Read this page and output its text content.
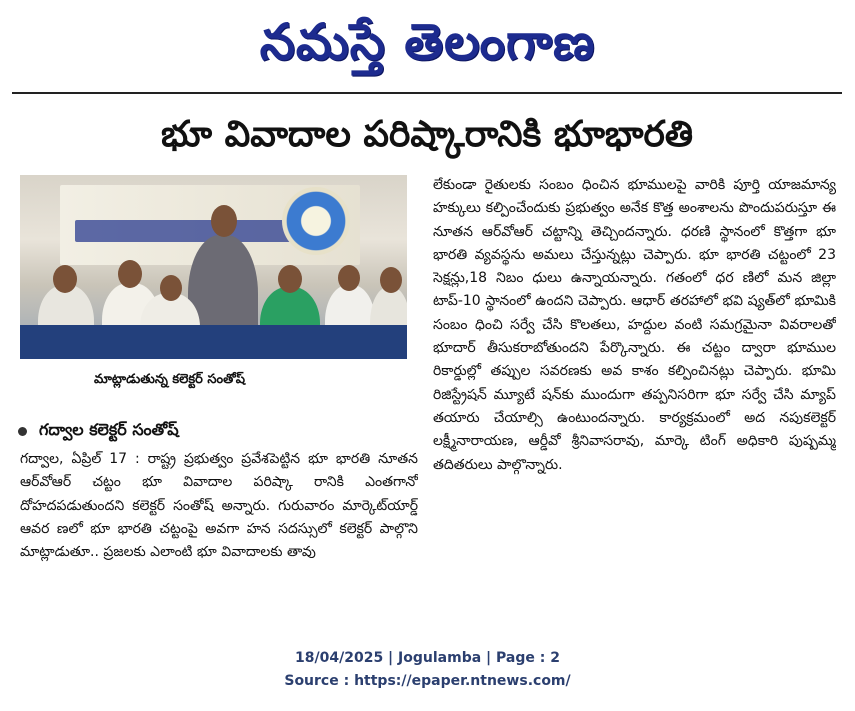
నమస్తే తెలంగాణ
భూ వివాదాల పరిష్కారానికి భూభారతి
మాట్లాడుతున్న కలెక్టర్ సంతోష్
గద్వాల కలెక్టర్ సంతోష్
గద్వాల, ఏప్రిల్ 17 : రాష్ట్ర ప్రభుత్వం ప్రవేశపెట్టిన భూ భారతి నూతన ఆర్‌వోఆర్ చట్టం భూ వివాదాల పరిష్కా రానికి ఎంతగానో దోహదపడుతుందని కలెక్టర్ సంతోష్ అన్నారు. గురువారం మార్కెట్‌యార్డ్ ఆవర ణలో భూ భారతి చట్టంపై అవగా హన సదస్సులో కలెక్టర్ పాల్గొని మాట్లాడుతూ.. ప్రజలకు ఎలాంటి భూ వివాదాలకు తావు
లేకుండా రైతులకు సంబం ధించిన భూములపై వారికి పూర్తి యాజమాన్య హక్కులు కల్పించేందుకు ప్రభుత్వం అనేక కొత్త అంశాలను పొందుపరుస్తూ ఈ నూతన ఆర్‌వోఆర్ చట్టాన్ని తెచ్చిందన్నారు. ధరణి స్థానంలో కొత్తగా భూ భారతి వ్యవస్థను అమలు చేస్తున్నట్లు చెప్పారు. భూ భారతి చట్టంలో 23 సెక్షన్లు,18 నిబం ధులు ఉన్నాయన్నారు. గతంలో ధర ణిలో మన జిల్లా టాప్-10 స్థానంలో ఉందని చెప్పారు. ఆధార్ తరహాలో భవి ష్యత్‌లో భూమికి సంబం ధించి సర్వే చేసి కొలతలు, హద్దుల వంటి సమగ్రమైనా వివరాలతో భూదార్ తీసుకరాబోతుందని పేర్కొన్నారు. ఈ చట్టం ద్వారా భూముల రికార్డుల్లో తప్పుల సవరణకు అవ కాశం కల్పించినట్లు చెప్పారు. భూమి రిజిస్ట్రేషన్ మ్యూటే షన్‌కు ముందుగా తప్పనిసరిగా భూ సర్వే చేసి మ్యాప్ తయారు చేయాల్సి ఉంటుందన్నారు. కార్యక్రమంలో అద నపుకలెక్టర్ లక్ష్మీనారాయణ, ఆర్డీవో శ్రీనివాసరావు, మార్కె టింగ్ అధికారి పుష్పమ్మ తదితరులు పాల్గొన్నారు.
18/04/2025 | Jogulamba | Page : 2
Source : https://epaper.ntnews.com/
